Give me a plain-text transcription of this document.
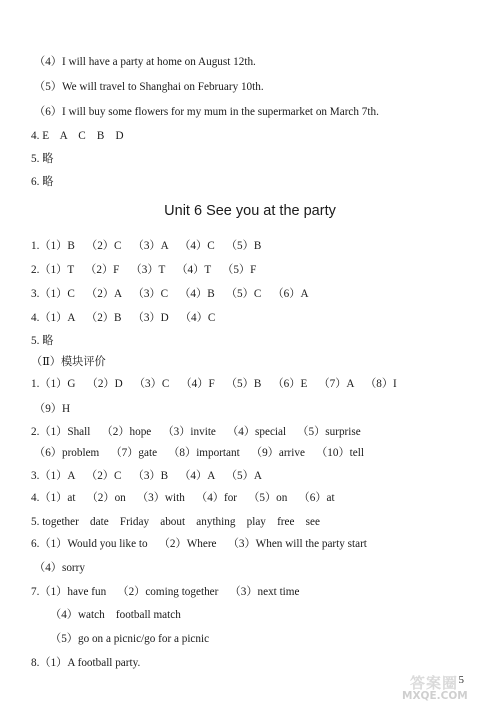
（4）I will have a party at home on August 12th.
（5）We will travel to Shanghai on February 10th.
（6）I will buy some flowers for my mum in the supermarket on March 7th.
4. E    A    C    B    D
5. 略
6. 略
Unit 6 See you at the party
1.（1）B    （2）C    （3）A    （4）C    （5）B
2.（1）T    （2）F    （3）T    （4）T    （5）F
3.（1）C    （2）A    （3）C    （4）B    （5）C    （6）A
4.（1）A    （2）B    （3）D    （4）C
5. 略
（Ⅱ）模块评价
1.（1）G    （2）D    （3）C    （4）F    （5）B    （6）E    （7）A    （8）I
（9）H
2.（1）Shall    （2）hope    （3）invite    （4）special    （5）surprise
（6）problem    （7）gate    （8）important    （9）arrive    （10）tell
3.（1）A    （2）C    （3）B    （4）A    （5）A
4.（1）at    （2）on    （3）with    （4）for    （5）on    （6）at
5. together    date    Friday    about    anything    play    free    see
6.（1）Would you like to    （2）Where    （3）When will the party start
（4）sorry
7.（1）have fun    （2）coming together    （3）next time
（4）watch    football match
（5）go on a picnic/go for a picnic
8.（1）A football party.
5
答案圈
MXQE.COM
